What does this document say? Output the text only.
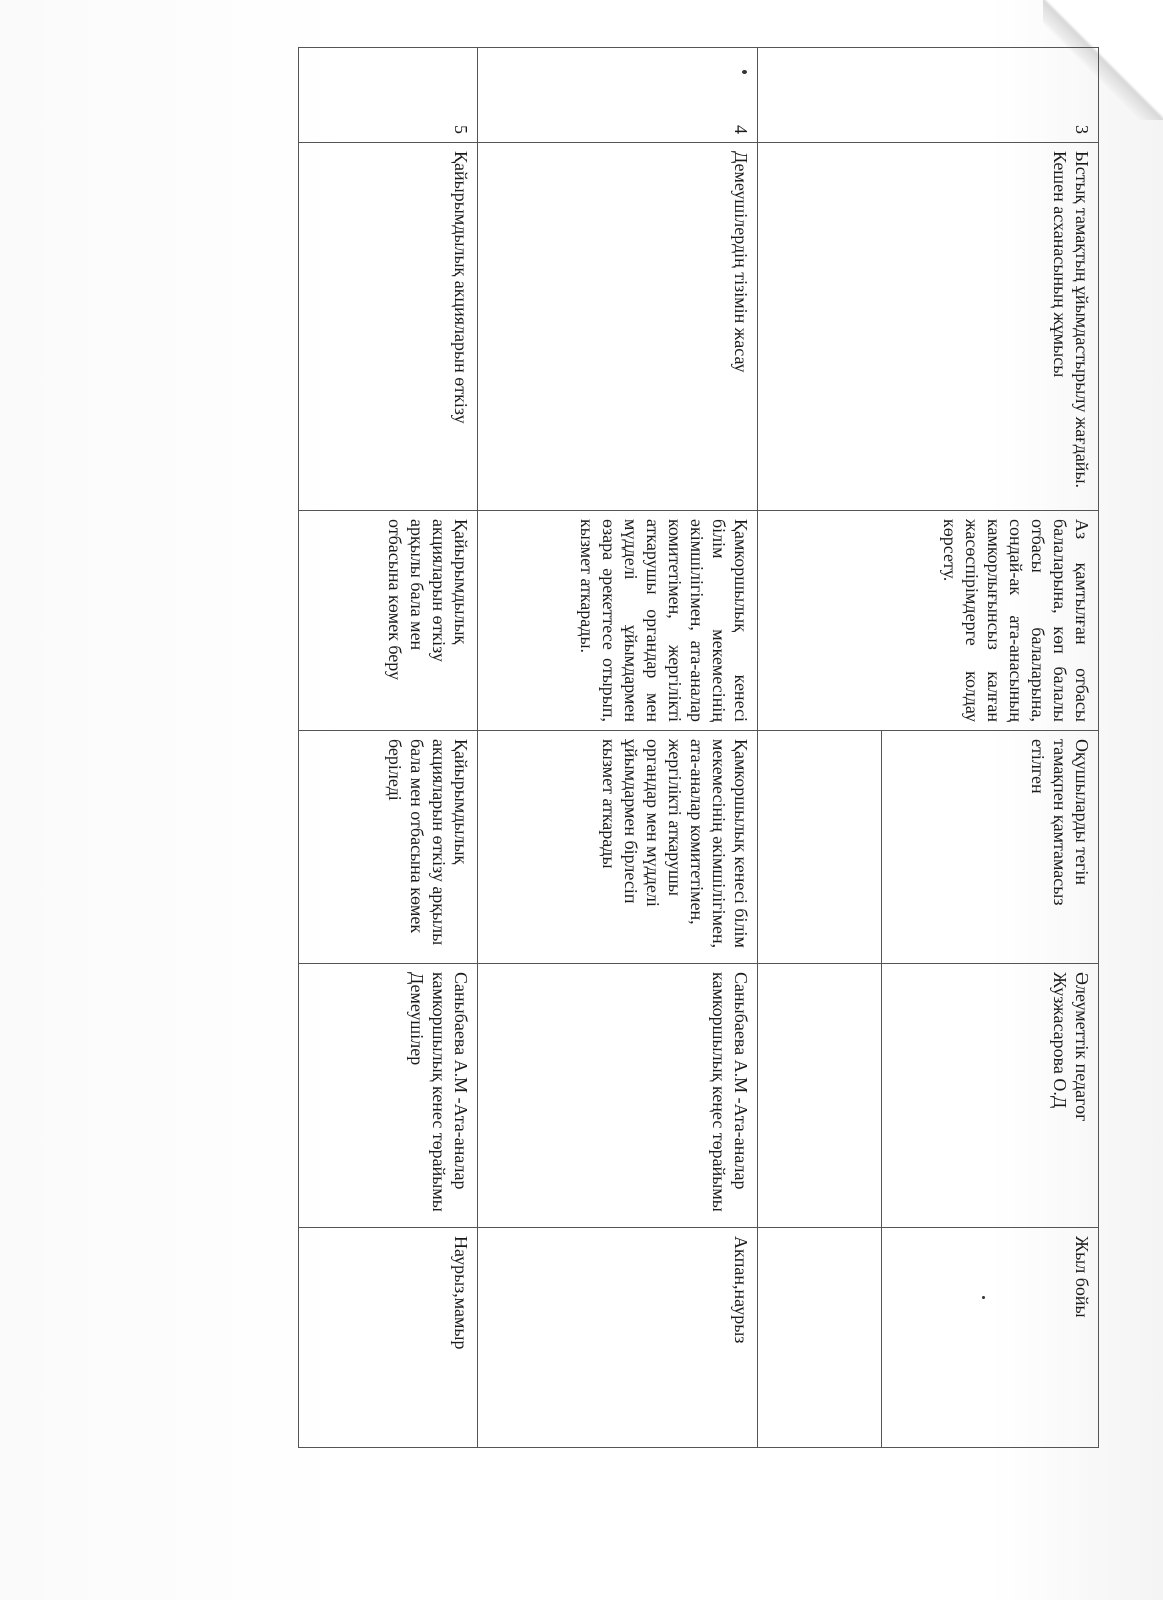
3	Ыстық тамақтың ұйымдастырылу жағдайы. Кешен асханасының жұмысы	Аз қамтылған отбасы балаларына, көп балалы отбасы балаларына, сондай-ак ата-анасының камкорлығынсыз калған жасөспірімдерге колдау көрсету.	Оқушыларды тегін тамақпен қамтамасыз етілген	Әлеуметтік педагог Жузжасарова О.Д	Жыл бойы

4	Демеушілердің тізімін жасау	Қамкоршылық кенесі білім мекемесінің әкімшілігімен, ата-аналар комитетімен, жергілікті аткарушы органдар мен мүдделі ұйымдармен өзара әрекеттесе отырып, кызмет аткарады.	Қамкоршылық кенесі білім мекемесінің әкімшілігімен, ата-аналар комитетімен, жергілікті аткарушы органдар мен мүдделі ұйымдармен бірлесіп кызмет аткарады	Саныбаева А.М -Ата-аналар камкоршылық кеңес төрайымы	Акпан,наурыз
5	Қайырымдылық акцияларын өткізу	Қайырымдылық акцияларын өткізу арқылы бала мен отбасына көмек беру	Қайырымдылық акцияларын өткізу арқылы бала мен отбасына көмек беріледі	Саныбаева А.М -Ата-аналар камкоршылық кенес төрайымы Демеушілер	Наурыз,мамыр
